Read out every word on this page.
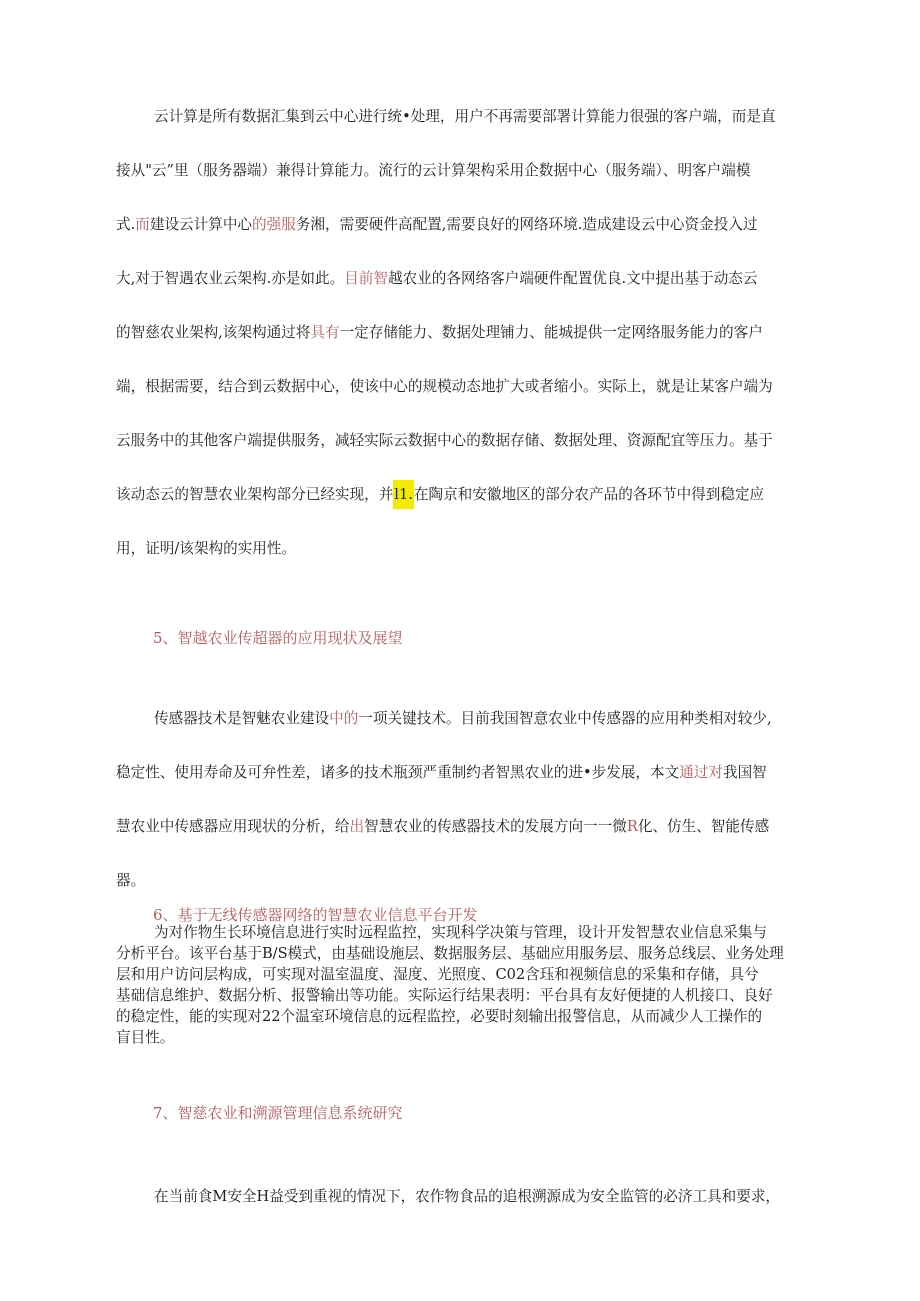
云计算是所有数据汇集到云中心进行统•处理，用户不再需要部署计算能力很强的客户端，而是直
接从"云”里（服务器端）兼得计算能力。流行的云计算架构采用企数据中心（服务端）、明客户端模
式.而建设云计算中心的强服务湘，需要硬件高配置,需要良好的网络环境.造成建设云中心资金投入过
大,对于智遇农业云架构.亦是如此。目前智越农业的各网络客户端硬件配置优良.文中提出基于动态云
的智慈农业架构,该架构通过将具有一定存储能力、数据处理铺力、能城提供一定网络服务能力的客户
端，根据需要，结合到云数据中心，使该中心的规模动态地扩大或者缩小。实际上，就是让某客户端为
云服务中的其他客户端提供服务，减轻实际云数据中心的数据存储、数据处理、资源配宜等压力。基于
该动态云的智慧农业架构部分已经实现，并l1.在陶京和安徽地区的部分农产品的各环节中得到稳定应
用，证明/该架构的实用性。
5、智越农业传超器的应用现状及展望
传感器技术是智魅农业建设中的一项关键技术。目前我国智意农业中传感器的应用种类相对较少,
稳定性、使用寿命及可弁性差，诸多的技术瓶颈严重制约者智黑农业的进•步发展，本文通过对我国智
慧农业中传感器应用现状的分析，给出智慧农业的传感器技术的发展方向一一微R化、仿生、智能传感
器。
6、基于无线传感器网络的智慧农业信息平台开发
为对作物生长环境信息进行实时远程监控，实现科学决策与管理，设计开发智慧农业信息采集与
分析平台。该平台基于B/S模式，由基础设施层、数据服务层、基础应用服务层、服务总线层、业务处理
层和用户访问层构成，可实现对温室温度、湿度、光照度、C02含珏和视频信息的采集和存储，具兮
基础信息维护、数据分析、报警输出等功能。实际运行结果表明：平台具有友好便捷的人机接口、良好
的稳定性，能的实现对22个温室环境信息的远程监控，必要时刻输出报警信息，从而减少人工操作的
盲目性。
7、智慈农业和溯源管理信息系统研究
在当前食M安全H益受到重视的情况下，农作物食品的追根溯源成为安全监管的必济工具和要求，
